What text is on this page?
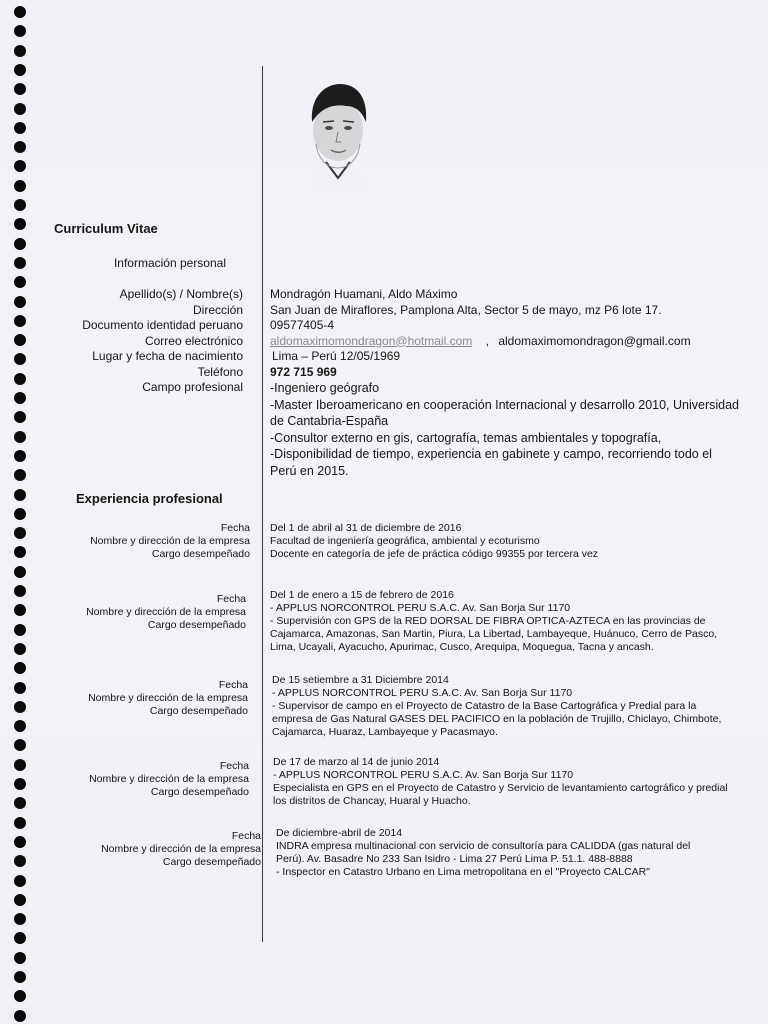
Curriculum Vitae
Información personal
Apellido(s) / Nombre(s)
Dirección
Documento identidad peruano
Correo electrónico
Lugar y fecha de nacimiento
Teléfono
Campo profesional
Mondragón Huamani, Aldo Máximo
San Juan de Miraflores, Pamplona Alta, Sector 5 de mayo, mz P6 lote 17.
09577405-4
aldomaximomondragon@hotmail.com , aldomaximomondragon@gmail.com
Lima – Perú 12/05/1969
972 715 969
-Ingeniero geógrafo
-Master Iberoamericano en cooperación Internacional y desarrollo 2010, Universidad
de Cantabria-España
-Consultor externo en gis, cartografía, temas ambientales y topografía,
-Disponibilidad de tiempo, experiencia en gabinete y campo, recorriendo todo el
Perú en 2015.
Experiencia profesional
Fecha
Nombre y dirección de la empresa
Cargo desempeñado
Del 1 de abril al 31 de diciembre de 2016
Facultad de ingeniería geográfica, ambiental y ecoturismo
Docente en categoría de jefe de práctica código 99355 por tercera vez
Fecha
Nombre y dirección de la empresa
Cargo desempeñado
Del 1 de enero a 15 de febrero de 2016
- APPLUS NORCONTROL PERU S.A.C. Av. San Borja Sur 1170
- Supervisión con GPS de la RED DORSAL DE FIBRA OPTICA-AZTECA en las provincias de
Cajamarca, Amazonas, San Martin, Piura, La Libertad, Lambayeque, Huánuco, Cerro de Pasco,
Lima, Ucayali, Ayacucho, Apurimac, Cusco, Arequipa, Moquegua, Tacna y ancash.
Fecha
Nombre y dirección de la empresa
Cargo desempeñado
De 15 setiembre a 31 Diciembre 2014
- APPLUS NORCONTROL PERU S.A.C. Av. San Borja Sur 1170
- Supervisor de campo en el Proyecto de Catastro de la Base Cartográfica y Predial para la
empresa de Gas Natural GASES DEL PACIFICO en la población de Trujillo, Chiclayo, Chimbote,
Cajamarca, Huaraz, Lambayeque y Pacasmayo.
Fecha
Nombre y dirección de la empresa
Cargo desempeñado
De 17 de marzo al 14 de junio 2014
- APPLUS NORCONTROL PERU S.A.C. Av. San Borja Sur 1170
Especialista en GPS en el Proyecto de Catastro y Servicio de levantamiento cartográfico y predial
los distritos de Chancay, Huaral y Huacho.
Fecha
Nombre y dirección de la empresa
Cargo desempeñado
De diciembre-abril de 2014
INDRA empresa multinacional con servicio de consultoría para CALIDDA (gas natural del
Perú). Av. Basadre No 233 San Isidro - Lima 27 Perú Lima P. 51.1. 488-8888
- Inspector en Catastro Urbano en Lima metropolitana en el "Proyecto CALCAR"
